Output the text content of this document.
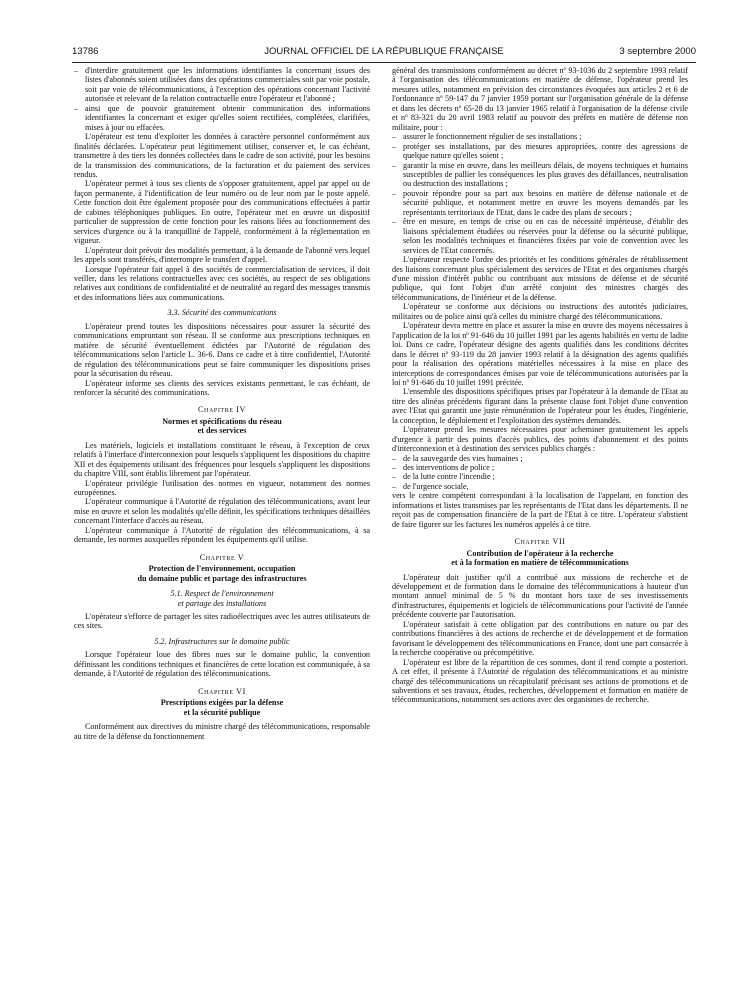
13786	JOURNAL OFFICIEL DE LA RÉPUBLIQUE FRANÇAISE	3 septembre 2000
– d'interdire gratuitement que les informations identifiantes la concernant issues des listes d'abonnés soient utilisées dans des opérations commerciales soit par voie postale, soit par voie de télécommunications, à l'exception des opérations concernant l'activité autorisée et relevant de la relation contractuelle entre l'opérateur et l'abonné ;
– ainsi que de pouvoir gratuitement obtenir communication des informations identifiantes la concernant et exiger qu'elles soient rectifiées, complétées, clarifiées, mises à jour ou effacées.

L'opérateur est tenu d'exploiter les données à caractère personnel conformément aux finalités déclarées. L'opérateur peut légitimement utiliser, conserver et, le cas échéant, transmettre à des tiers les données collectées dans le cadre de son activité, pour les besoins de la transmission des communications, de la facturation et du paiement des services rendus.

L'opérateur permet à tous ses clients de s'opposer gratuitement, appel par appel ou de façon permanente, à l'identification de leur numéro ou de leur nom par le poste appelé. Cette fonction doit être également proposée pour des communications effectuées à partir de cabines téléphoniques publiques. En outre, l'opérateur met en œuvre un dispositif particulier de suppression de cette fonction pour les raisons liées au fonctionnement des services d'urgence ou à la tranquillité de l'appelé, conformément à la réglementation en vigueur.

L'opérateur doit prévoir des modalités permettant, à la demande de l'abonné vers lequel les appels sont transférés, d'interrompre le transfert d'appel.

Lorsque l'opérateur fait appel à des sociétés de commercialisation de services, il doit veiller, dans les relations contractuelles avec ces sociétés, au respect de ses obligations relatives aux conditions de confidentialité et de neutralité au regard des messages transmis et des informations liées aux communications.

3.3. Sécurité des communications

L'opérateur prend toutes les dispositions nécessaires pour assurer la sécurité des communications empruntant son réseau. Il se conforme aux prescriptions techniques en matière de sécurité éventuellement édictées par l'Autorité de régulation des télécommunications selon l'article L. 36-6. Dans ce cadre et à titre confidentiel, l'Autorité de régulation des télécommunications peut se faire communiquer les dispositions prises pour la sécurisation du réseau.

L'opérateur informe ses clients des services existants permettant, le cas échéant, de renforcer la sécurité des communications.

Chapitre IV

Normes et spécifications du réseau
et des services

Les matériels, logiciels et installations constituant le réseau, à l'exception de ceux relatifs à l'interface d'interconnexion pour lesquels s'appliquent les dispositions du chapitre XII et des équipements utilisant des fréquences pour lesquels s'appliquent les dispositions du chapitre VIII, sont établis librement par l'opérateur.

L'opérateur privilégie l'utilisation des normes en vigueur, notamment des normes européennes.

L'opérateur communique à l'Autorité de régulation des télécommunications, avant leur mise en œuvre et selon les modalités qu'elle définit, les spécifications techniques détaillées concernant l'interface d'accès au réseau.

L'opérateur communique à l'Autorité de régulation des télécommunications, à sa demande, les normes auxquelles répondent les équipements qu'il utilise.

Chapitre V

Protection de l'environnement, occupation
du domaine public et partage des infrastructures

5.1. Respect de l'environnement
et partage des installations

L'opérateur s'efforce de partager les sites radioélectriques avec les autres utilisateurs de ces sites.

5.2. Infrastructures sur le domaine public

Lorsque l'opérateur loue des fibres nues sur le domaine public, la convention définissant les conditions techniques et financières de cette location est communiquée, à sa demande, à l'Autorité de régulation des télécommunications.

Chapitre VI

Prescriptions exigées par la défense
et la sécurité publique

Conformément aux directives du ministre chargé des télécommunications, responsable au titre de la défense du fonctionnement

général des transmissions conformément au décret nº 93-1036 du 2 septembre 1993 relatif à l'organisation des télécommunications en matière de défense, l'opérateur prend les mesures utiles, notamment en prévision des circonstances évoquées aux articles 2 et 6 de l'ordonnance nº 59-147 du 7 janvier 1959 portant sur l'organisation générale de la défense et dans les décrets nº 65-28 du 13 janvier 1965 relatif à l'organisation de la défense civile et nº 83-321 du 20 avril 1983 relatif au pouvoir des préfets en matière de défense non militaire, pour :

– assurer le fonctionnement régulier de ses installations ;
– protéger ses installations, par des mesures appropriées, contre des agressions de quelque nature qu'elles soient ;
– garantir la mise en œuvre, dans les meilleurs délais, de moyens techniques et humains susceptibles de pallier les conséquences les plus graves des défaillances, neutralisation ou destruction des installations ;
– pouvoir répondre pour sa part aux besoins en matière de défense nationale et de sécurité publique, et notamment mettre en œuvre les moyens demandés par les représentants territoriaux de l'Etat, dans le cadre des plans de secours ;
– être en mesure, en temps de crise ou en cas de nécessité impérieuse, d'établir des liaisons spécialement étudiées ou réservées pour la défense ou la sécurité publique, selon les modalités techniques et financières fixées par voie de convention avec les services de l'Etat concernés.

L'opérateur respecte l'ordre des priorités et les conditions générales de rétablissement des liaisons concernant plus spécialement des services de l'Etat et des organismes chargés d'une mission d'intérêt public ou contribuant aux missions de défense et de sécurité publique, qui font l'objet d'un arrêté conjoint des ministres chargés des télécommunications, de l'intérieur et de la défense.

L'opérateur se conforme aux décisions ou instructions des autorités judiciaires, militaires ou de police ainsi qu'à celles du ministre chargé des télécommunications.

L'opérateur devra mettre en place et assurer la mise en œuvre des moyens nécessaires à l'application de la loi nº 91-646 du 10 juillet 1991 par les agents habilités en vertu de ladite loi. Dans ce cadre, l'opérateur désigne des agents qualifiés dans les conditions décrites dans le décret nº 93-119 du 28 janvier 1993 relatif à la désignation des agents qualifiés pour la réalisation des opérations matérielles nécessaires à la mise en place des interceptions de correspondances émises par voie de télécommunications autorisées par la loi nº 91-646 du 10 juillet 1991 précitée.

L'ensemble des dispositions spécifiques prises par l'opérateur à la demande de l'Etat au titre des alinéas précédents figurant dans la présente clause font l'objet d'une convention avec l'Etat qui garantit une juste rémunération de l'opérateur pour les études, l'ingénierie, la conception, le déploiement et l'exploitation des systèmes demandés.

L'opérateur prend les mesures nécessaires pour acheminer gratuitement les appels d'urgence à partir des points d'accès publics, des points d'abonnement et des points d'interconnexion et à destination des services publics chargés :

– de la sauvegarde des vies humaines ;
– des interventions de police ;
– de la lutte contre l'incendie ;
– de l'urgence sociale,

vers le centre compétent correspondant à la localisation de l'appelant, en fonction des informations et listes transmises par les représentants de l'Etat dans les départements. Il ne reçoit pas de compensation financière de la part de l'Etat à ce titre. L'opérateur s'abstient de faire figurer sur les factures les numéros appelés à ce titre.

Chapitre VII

Contribution de l'opérateur à la recherche
et à la formation en matière de télécommunications

L'opérateur doit justifier qu'il a contribué aux missions de recherche et de développement et de formation dans le domaine des télécommunications à hauteur d'un montant annuel minimal de 5 % du montant hors taxe de ses investissements d'infrastructures, équipements et logiciels de télécommunications pour l'activité de l'année précédente couverte par l'autorisation.

L'opérateur satisfait à cette obligation par des contributions en nature ou par des contributions financières à des actions de recherche et de développement et de formation favorisant le développement des télécommunications en France, dont une part consacrée à la recherche coopérative ou précompétitive.

L'opérateur est libre de la répartition de ces sommes, dont il rend compte a posteriori. A cet effet, il présente à l'Autorité de régulation des télécommunications et au ministre chargé des télécommunications un récapitulatif précisant ses actions de promotions et de subventions et ses travaux, études, recherches, développement et formation en matière de télécommunications, notamment ses actions avec des organismes de recherche.
